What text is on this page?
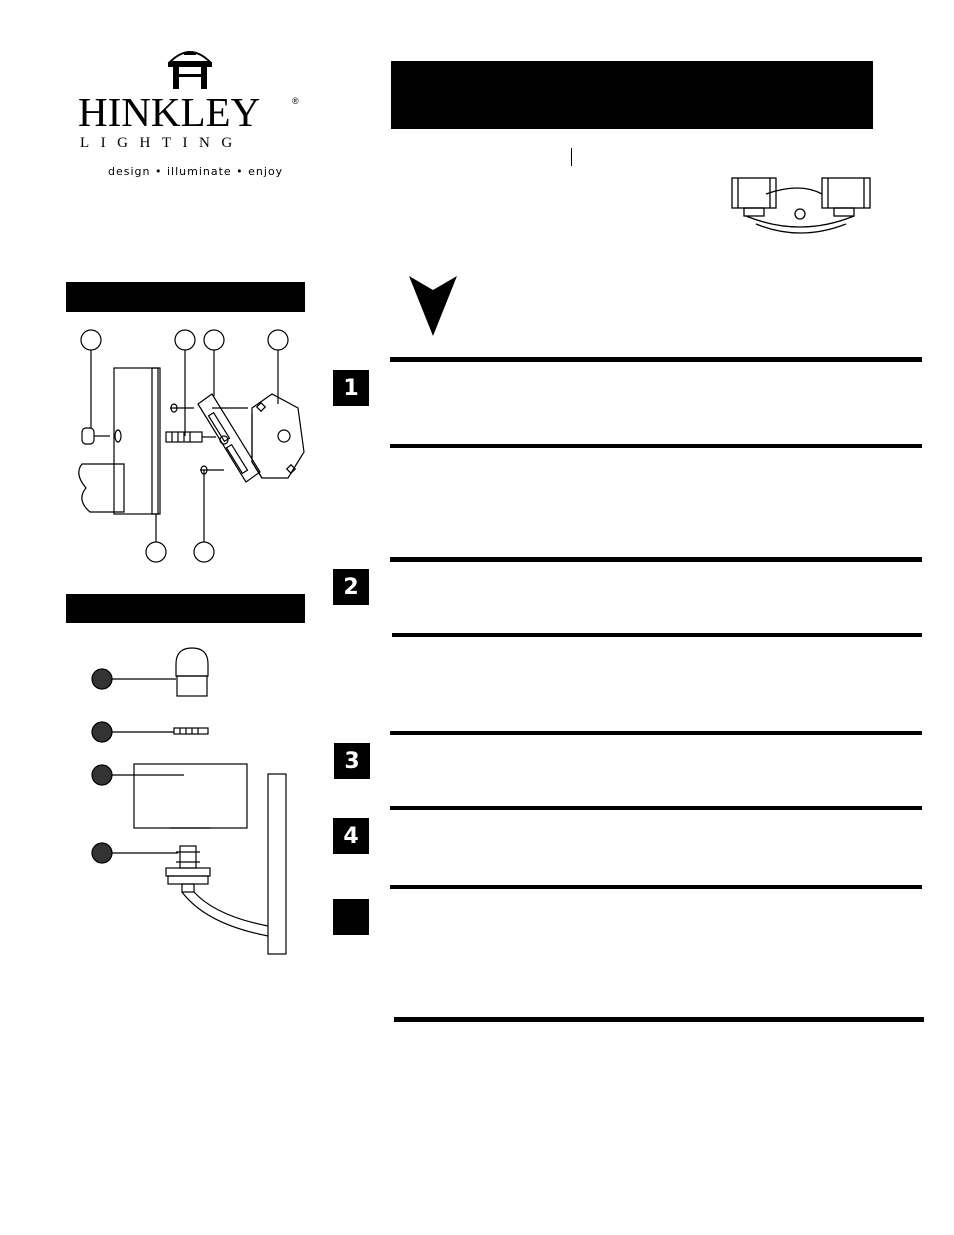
HINKLEY	®
LIGHTING
design • illuminate • enjoy
1
2
3
4
